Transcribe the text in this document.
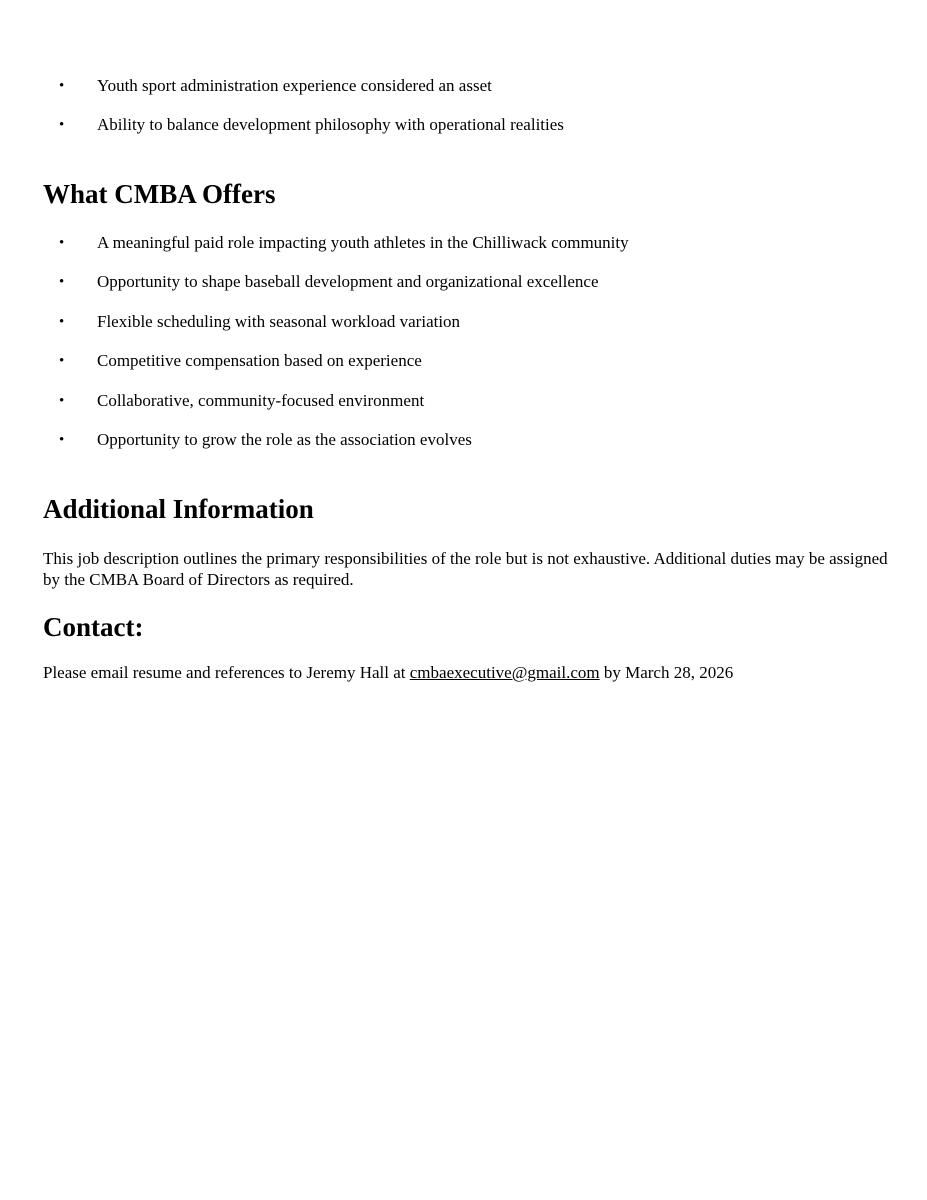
• Youth sport administration experience considered an asset
• Ability to balance development philosophy with operational realities
What CMBA Offers
• A meaningful paid role impacting youth athletes in the Chilliwack community
• Opportunity to shape baseball development and organizational excellence
• Flexible scheduling with seasonal workload variation
• Competitive compensation based on experience
• Collaborative, community-focused environment
• Opportunity to grow the role as the association evolves
Additional Information

This job description outlines the primary responsibilities of the role but is not exhaustive. Additional duties may be assigned by the CMBA Board of Directors as required.

Contact:

Please email resume and references to Jeremy Hall at cmbaexecutive@gmail.com by March 28, 2026
